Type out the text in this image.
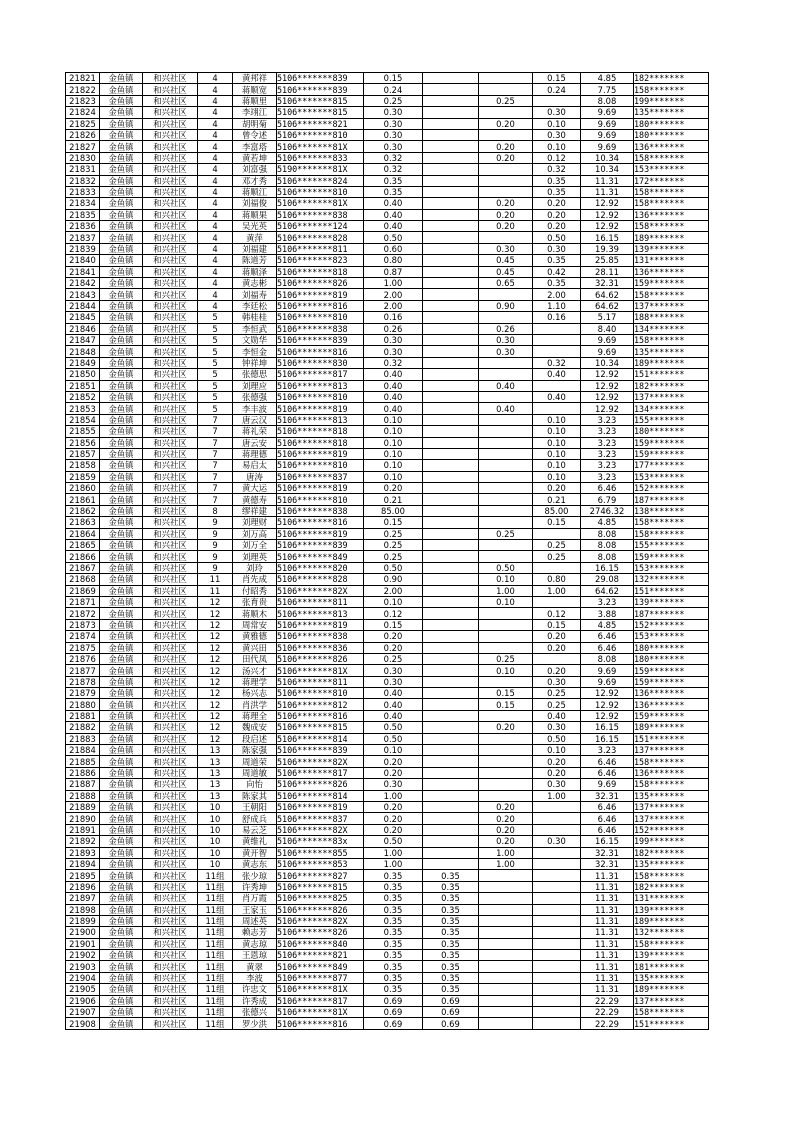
21821	金鱼镇	和兴社区	4	黄邦祥	5106*******839	0.15			0.15	4.85	182*******
21822	金鱼镇	和兴社区	4	蒋顺宽	5106*******839	0.24			0.24	7.75	158*******
21823	金鱼镇	和兴社区	4	蒋顺里	5106*******815	0.25		0.25		8.08	199*******
21824	金鱼镇	和兴社区	4	李翊江	5106*******815	0.30			0.30	9.69	135*******
21825	金鱼镇	和兴社区	4	胡明菊	5106*******821	0.30		0.20	0.10	9.69	180*******
21826	金鱼镇	和兴社区	4	曾令述	5106*******810	0.30			0.30	9.69	180*******
21827	金鱼镇	和兴社区	4	李富塔	5106*******81X	0.30		0.20	0.10	9.69	136*******
21830	金鱼镇	和兴社区	4	黄若坤	5106*******833	0.32		0.20	0.12	10.34	158*******
21831	金鱼镇	和兴社区	4	刘富强	5190*******81X	0.32			0.32	10.34	153*******
21832	金鱼镇	和兴社区	4	邓才秀	5106*******824	0.35			0.35	11.31	172*******
21833	金鱼镇	和兴社区	4	蒋顺江	5106*******810	0.35			0.35	11.31	158*******
21834	金鱼镇	和兴社区	4	刘福俊	5106*******81X	0.40		0.20	0.20	12.92	158*******
21835	金鱼镇	和兴社区	4	蒋顺果	5106*******838	0.40		0.20	0.20	12.92	136*******
21836	金鱼镇	和兴社区	4	吴光英	5106*******124	0.40		0.20	0.20	12.92	158*******
21837	金鱼镇	和兴社区	4	黄萍	5106*******828	0.50			0.50	16.15	189*******
21839	金鱼镇	和兴社区	4	刘福建	5106*******811	0.60		0.30	0.30	19.39	139*******
21840	金鱼镇	和兴社区	4	陈道芳	5106*******823	0.80		0.45	0.35	25.85	131*******
21841	金鱼镇	和兴社区	4	蒋顺泽	5106*******818	0.87		0.45	0.42	28.11	136*******
21842	金鱼镇	和兴社区	4	黄志彬	5106*******826	1.00		0.65	0.35	32.31	159*******
21843	金鱼镇	和兴社区	4	刘福寿	5106*******819	2.00			2.00	64.62	158*******
21844	金鱼镇	和兴社区	4	李廷松	5106*******816	2.00		0.90	1.10	64.62	137*******
21845	金鱼镇	和兴社区	5	韩桂桂	5106*******810	0.16			0.16	5.17	188*******
21846	金鱼镇	和兴社区	5	李恒武	5106*******838	0.26		0.26		8.40	134*******
21847	金鱼镇	和兴社区	5	文勋华	5106*******839	0.30		0.30		9.69	158*******
21848	金鱼镇	和兴社区	5	李恒金	5106*******816	0.30		0.30		9.69	135*******
21849	金鱼镇	和兴社区	5	钟祥坤	5106*******830	0.32			0.32	10.34	189*******
21850	金鱼镇	和兴社区	5	张德思	5106*******817	0.40			0.40	12.92	151*******
21851	金鱼镇	和兴社区	5	刘理应	5106*******813	0.40		0.40		12.92	182*******
21852	金鱼镇	和兴社区	5	张德强	5106*******810	0.40			0.40	12.92	137*******
21853	金鱼镇	和兴社区	5	李丰波	5106*******819	0.40		0.40		12.92	134*******
21854	金鱼镇	和兴社区	7	唐云汉	5106*******813	0.10			0.10	3.23	155*******
21855	金鱼镇	和兴社区	7	蒋礼荣	5106*******818	0.10			0.10	3.23	180*******
21856	金鱼镇	和兴社区	7	唐云安	5106*******818	0.10			0.10	3.23	159*******
21857	金鱼镇	和兴社区	7	蒋理德	5106*******819	0.10			0.10	3.23	159*******
21858	金鱼镇	和兴社区	7	易启太	5106*******810	0.10			0.10	3.23	177*******
21859	金鱼镇	和兴社区	7	唐涛	5106*******837	0.10			0.10	3.23	153*******
21860	金鱼镇	和兴社区	7	黄大运	5106*******819	0.20			0.20	6.46	152*******
21861	金鱼镇	和兴社区	7	黄德寿	5106*******810	0.21			0.21	6.79	187*******
21862	金鱼镇	和兴社区	8	缪祥建	5106*******838	85.00			85.00	2746.32	138*******
21863	金鱼镇	和兴社区	9	刘理财	5106*******816	0.15			0.15	4.85	158*******
21864	金鱼镇	和兴社区	9	刘万高	5106*******819	0.25		0.25		8.08	158*******
21865	金鱼镇	和兴社区	9	刘万全	5106*******839	0.25			0.25	8.08	155*******
21866	金鱼镇	和兴社区	9	刘理英	5106*******849	0.25			0.25	8.08	159*******
21867	金鱼镇	和兴社区	9	刘玲	5106*******820	0.50		0.50		16.15	153*******
21868	金鱼镇	和兴社区	11	肖先成	5106*******828	0.90		0.10	0.80	29.08	132*******
21869	金鱼镇	和兴社区	11	付昭秀	5106*******82X	2.00		1.00	1.00	64.62	151*******
21871	金鱼镇	和兴社区	12	张育贵	5106*******811	0.10		0.10		3.23	139*******
21872	金鱼镇	和兴社区	12	蒋顺木	5106*******813	0.12			0.12	3.88	187*******
21873	金鱼镇	和兴社区	12	周常安	5106*******819	0.15			0.15	4.85	152*******
21874	金鱼镇	和兴社区	12	黄雅德	5106*******838	0.20			0.20	6.46	153*******
21875	金鱼镇	和兴社区	12	黄兴田	5106*******836	0.20			0.20	6.46	180*******
21876	金鱼镇	和兴社区	12	田代凤	5106*******826	0.25		0.25		8.08	180*******
21877	金鱼镇	和兴社区	12	汤兴才	5106*******81X	0.30		0.10	0.20	9.69	159*******
21878	金鱼镇	和兴社区	12	蒋理学	5106*******811	0.30			0.30	9.69	159*******
21879	金鱼镇	和兴社区	12	杨兴志	5106*******810	0.40		0.15	0.25	12.92	136*******
21880	金鱼镇	和兴社区	12	肖洪学	5106*******812	0.40		0.15	0.25	12.92	136*******
21881	金鱼镇	和兴社区	12	蒋理全	5106*******816	0.40			0.40	12.92	159*******
21882	金鱼镇	和兴社区	12	魏成安	5106*******815	0.50		0.20	0.30	16.15	189*******
21883	金鱼镇	和兴社区	12	段启述	5106*******814	0.50			0.50	16.15	151*******
21884	金鱼镇	和兴社区	13	陈家强	5106*******839	0.10			0.10	3.23	137*******
21885	金鱼镇	和兴社区	13	周道荣	5106*******82X	0.20			0.20	6.46	158*******
21886	金鱼镇	和兴社区	13	周道敏	5106*******817	0.20			0.20	6.46	136*******
21887	金鱼镇	和兴社区	13	向怡	5106*******826	0.30			0.30	9.69	158*******
21888	金鱼镇	和兴社区	13	陈家其	5106*******814	1.00			1.00	32.31	135*******
21889	金鱼镇	和兴社区	10	王朝阳	5106*******819	0.20		0.20		6.46	137*******
21890	金鱼镇	和兴社区	10	舒成兵	5106*******837	0.20		0.20		6.46	137*******
21891	金鱼镇	和兴社区	10	易云芝	5106*******82X	0.20		0.20		6.46	152*******
21892	金鱼镇	和兴社区	10	黄维礼	5106*******83x	0.50		0.20	0.30	16.15	199*******
21893	金鱼镇	和兴社区	10	黄开智	5106*******855	1.00		1.00		32.31	182*******
21894	金鱼镇	和兴社区	10	黄志东	5106*******853	1.00		1.00		32.31	135*******
21895	金鱼镇	和兴社区	11组	张少琼	5106*******827	0.35	0.35			11.31	158*******
21896	金鱼镇	和兴社区	11组	许秀坤	5106*******815	0.35	0.35			11.31	182*******
21897	金鱼镇	和兴社区	11组	肖万霞	5106*******825	0.35	0.35			11.31	131*******
21898	金鱼镇	和兴社区	11组	王家玉	5106*******826	0.35	0.35			11.31	139*******
21899	金鱼镇	和兴社区	11组	周述英	5106*******82X	0.35	0.35			11.31	189*******
21900	金鱼镇	和兴社区	11组	赖志芳	5106*******826	0.35	0.35			11.31	132*******
21901	金鱼镇	和兴社区	11组	黄志琼	5106*******840	0.35	0.35			11.31	158*******
21902	金鱼镇	和兴社区	11组	王恩琼	5106*******821	0.35	0.35			11.31	139*******
21903	金鱼镇	和兴社区	11组	黄翠	5106*******849	0.35	0.35			11.31	181*******
21904	金鱼镇	和兴社区	11组	李波	5106*******877	0.35	0.35			11.31	135*******
21905	金鱼镇	和兴社区	11组	许忠文	5106*******81X	0.35	0.35			11.31	189*******
21906	金鱼镇	和兴社区	11组	许秀成	5106*******817	0.69	0.69			22.29	137*******
21907	金鱼镇	和兴社区	11组	张德兴	5106*******81X	0.69	0.69			22.29	158*******
21908	金鱼镇	和兴社区	11组	罗少洪	5106*******816	0.69	0.69			22.29	151*******
